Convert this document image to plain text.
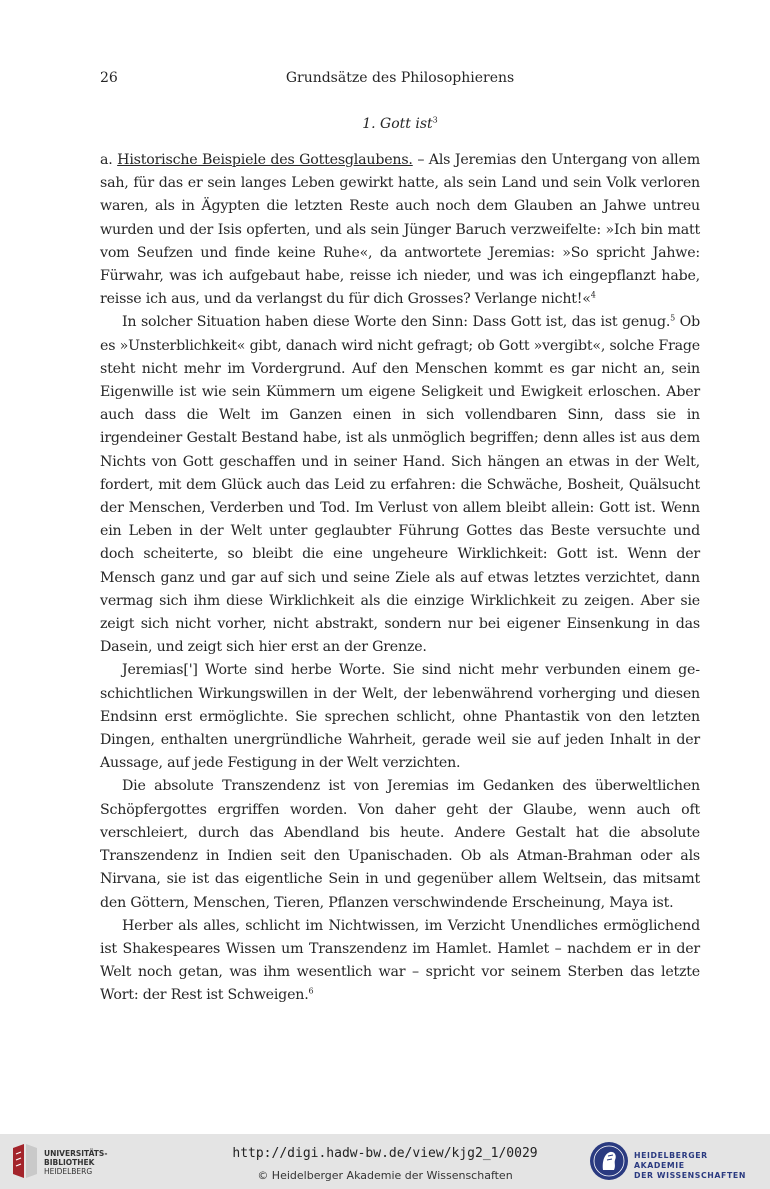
26	Grundsätze des Philosophierens
1. Gott ist$^3$

a. Historische Beispiele des Gottesglaubens. – Als Jeremias den Untergang von allem sah, für das er sein langes Leben gewirkt hatte, als sein Land und sein Volk verloren waren, als in Ägypten die letzten Reste auch noch dem Glauben an Jahwe untreu wurden und der Isis opferten, und als sein Jünger Baruch verzweifelte: »Ich bin matt vom Seufzen und finde keine Ruhe«, da antwortete Jeremias: »So spricht Jahwe: Fürwahr, was ich aufgebaut habe, reisse ich nieder, und was ich eingepflanzt habe, reisse ich aus, und da verlangst du für dich Grosses? Verlange nicht!«$^4$

In solcher Situation haben diese Worte den Sinn: Dass Gott ist, das ist genug.$^5$ Ob es »Unsterblichkeit« gibt, danach wird nicht gefragt; ob Gott »vergibt«, solche Frage steht nicht mehr im Vordergrund. Auf den Menschen kommt es gar nicht an, sein Eigenwille ist wie sein Kümmern um eigene Seligkeit und Ewigkeit erloschen. Aber auch dass die Welt im Ganzen einen in sich vollendbaren Sinn, dass sie in irgendeiner Gestalt Bestand habe, ist als unmöglich begriffen; denn alles ist aus dem Nichts von Gott geschaffen und in seiner Hand. Sich hängen an etwas in der Welt, fordert, mit dem Glück auch das Leid zu erfahren: die Schwäche, Bosheit, Quälsucht der Menschen, Verderben und Tod. Im Verlust von allem bleibt allein: Gott ist. Wenn ein Leben in der Welt unter geglaubter Führung Gottes das Beste versuchte und doch scheiterte, so bleibt die eine ungeheure Wirklichkeit: Gott ist. Wenn der Mensch ganz und gar auf sich und seine Ziele als auf etwas letztes verzichtet, dann vermag sich ihm diese Wirklichkeit als die einzige Wirklichkeit zu zeigen. Aber sie zeigt sich nicht vorher, nicht abstrakt, sondern nur bei eigener Einsenkung in das Dasein, und zeigt sich hier erst an der Grenze.

Jeremias['] Worte sind herbe Worte. Sie sind nicht mehr verbunden einem geschichtlichen Wirkungswillen in der Welt, der lebenwährend vorherging und diesen Endsinn erst ermöglichte. Sie sprechen schlicht, ohne Phantastik von den letzten Dingen, enthalten unergründliche Wahrheit, gerade weil sie auf jeden Inhalt in der Aussage, auf jede Festigung in der Welt verzichten.

Die absolute Transzendenz ist von Jeremias im Gedanken des überweltlichen Schöpfergottes ergriffen worden. Von daher geht der Glaube, wenn auch oft verschleiert, durch das Abendland bis heute. Andere Gestalt hat die absolute Transzendenz in Indien seit den Upanischaden. Ob als Atman-Brahman oder als Nirvana, sie ist das eigentliche Sein in und gegenüber allem Weltsein, das mitsamt den Göttern, Menschen, Tieren, Pflanzen verschwindende Erscheinung, Maya ist.

Herber als alles, schlicht im Nichtwissen, im Verzicht Unendliches ermöglichend ist Shakespeares Wissen um Transzendenz im Hamlet. Hamlet – nachdem er in der Welt noch getan, was ihm wesentlich war – spricht vor seinem Sterben das letzte Wort: der Rest ist Schweigen.$^6$

UNIVERSITÄTS-
BIBLIOTHEK
HEIDELBERG
http://digi.hadw-bw.de/view/kjg2_1/0029
© Heidelberger Akademie der Wissenschaften
HEIDELBERGER AKADEMIE
DER WISSENSCHAFTEN
